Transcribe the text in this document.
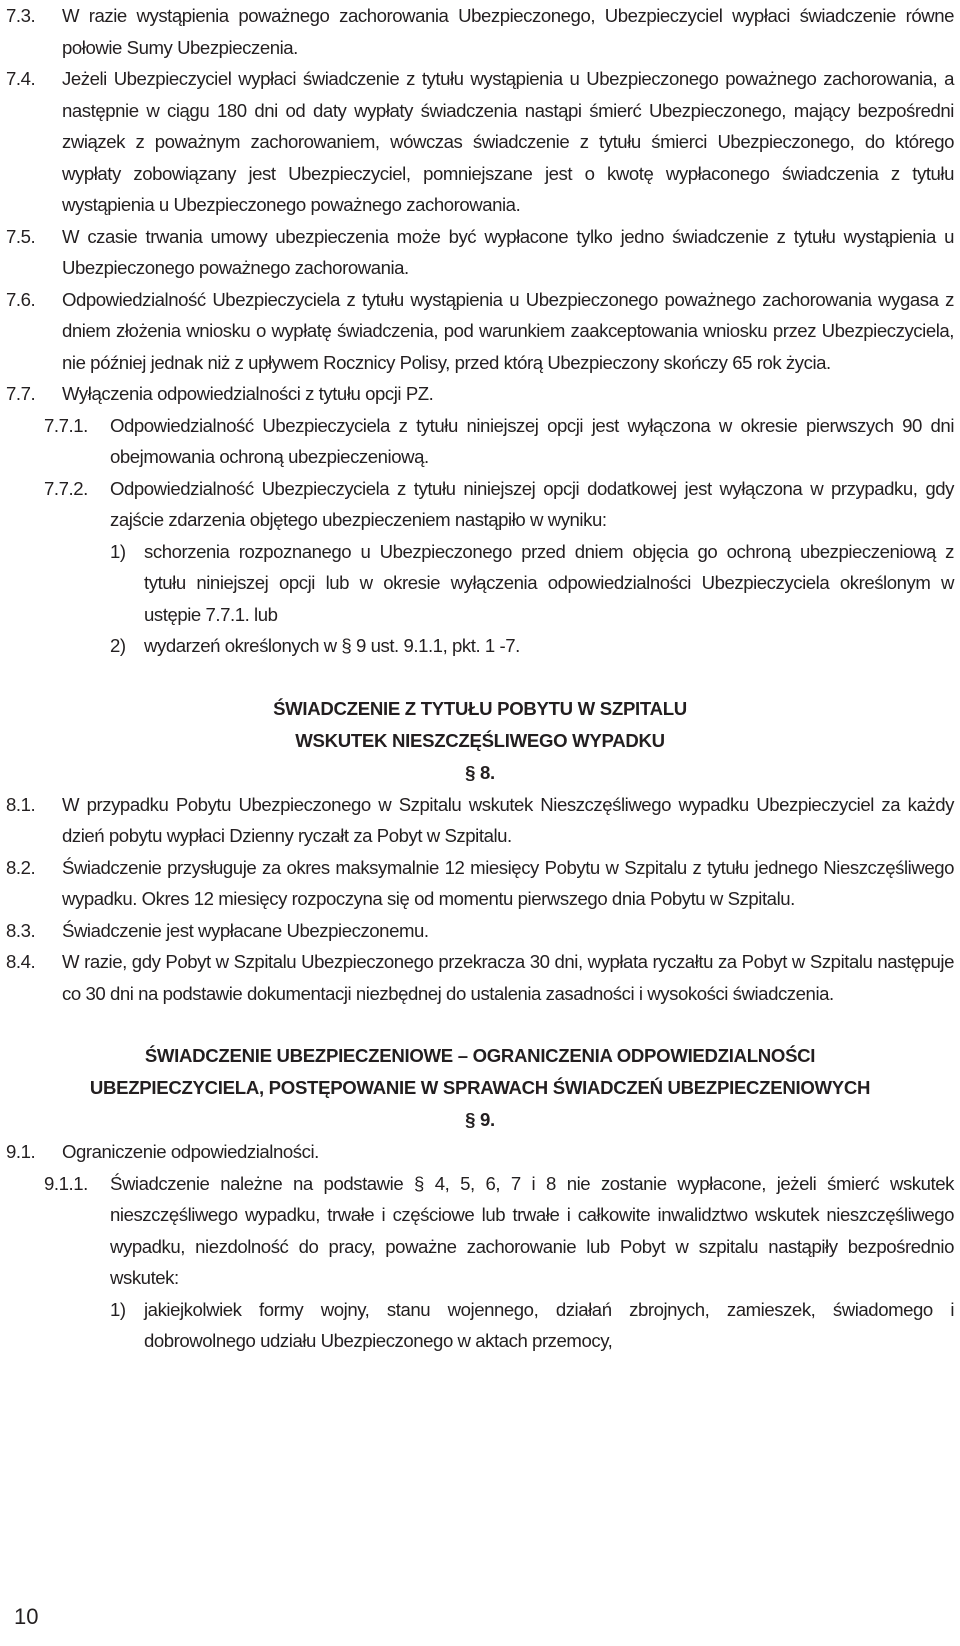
7.3.	W razie wystąpienia poważnego zachorowania Ubezpieczonego, Ubezpieczyciel wypłaci świadczenie równe połowie Sumy Ubezpieczenia.
7.4.	Jeżeli Ubezpieczyciel wypłaci świadczenie z tytułu wystąpienia u Ubezpieczonego poważnego zachorowania, a następnie w ciągu 180 dni od daty wypłaty świadczenia nastąpi śmierć Ubezpieczonego, mający bezpośredni związek z poważnym zachorowaniem, wówczas świadczenie z tytułu śmierci Ubezpieczonego, do którego wypłaty zobowiązany jest Ubezpieczyciel, pomniejszane jest o kwotę wypłaconego świadczenia z tytułu wystąpienia u Ubezpieczonego poważnego zachorowania.
7.5.	W czasie trwania umowy ubezpieczenia może być wypłacone tylko jedno świadczenie z tytułu wystąpienia u Ubezpieczonego poważnego zachorowania.
7.6.	Odpowiedzialność Ubezpieczyciela z tytułu wystąpienia u Ubezpieczonego poważnego zachorowania wygasa z dniem złożenia wniosku o wypłatę świadczenia, pod warunkiem zaakceptowania wniosku przez Ubezpieczyciela, nie później jednak niż z upływem Rocznicy Polisy, przed którą Ubezpieczony skończy 65 rok życia.
7.7.	Wyłączenia odpowiedzialności z tytułu opcji PZ.
7.7.1.	Odpowiedzialność Ubezpieczyciela z tytułu niniejszej opcji jest wyłączona w okresie pierwszych 90 dni obejmowania ochroną ubezpieczeniową.
7.7.2.	Odpowiedzialność Ubezpieczyciela z tytułu niniejszej opcji dodatkowej jest wyłączona w przypadku, gdy zajście zdarzenia objętego ubezpieczeniem nastąpiło w wyniku:
1) schorzenia rozpoznanego u Ubezpieczonego przed dniem objęcia go ochroną ubezpieczeniową z tytułu niniejszej opcji lub w okresie wyłączenia odpowiedzialności Ubezpieczyciela określonym w ustępie 7.7.1. lub
2) wydarzeń określonych w § 9 ust. 9.1.1, pkt. 1 -7.
ŚWIADCZENIE Z TYTUŁU POBYTU W SZPITALU
WSKUTEK NIESZCZĘŚLIWEGO WYPADKU
§ 8.
8.1.	W przypadku Pobytu Ubezpieczonego w Szpitalu wskutek Nieszczęśliwego wypadku Ubezpieczyciel za każdy dzień pobytu wypłaci Dzienny ryczałt za Pobyt w Szpitalu.
8.2.	Świadczenie przysługuje za okres maksymalnie 12 miesięcy Pobytu w Szpitalu z tytułu jednego Nieszczęśliwego wypadku. Okres 12 miesięcy rozpoczyna się od momentu pierwszego dnia Pobytu w Szpitalu.
8.3.	Świadczenie jest wypłacane Ubezpieczonemu.
8.4.	W razie, gdy Pobyt w Szpitalu Ubezpieczonego przekracza 30 dni, wypłata ryczałtu za Pobyt w Szpitalu następuje co 30 dni na podstawie dokumentacji niezbędnej do ustalenia zasadności i wysokości świadczenia.
ŚWIADCZENIE UBEZPIECZENIOWE – OGRANICZENIA ODPOWIEDZIALNOŚCI
UBEZPIECZYCIELA, POSTĘPOWANIE W SPRAWACH ŚWIADCZEŃ UBEZPIECZENIOWYCH
§ 9.
9.1.	Ograniczenie odpowiedzialności.
9.1.1.	Świadczenie należne na podstawie § 4, 5, 6, 7 i 8 nie zostanie wypłacone, jeżeli śmierć wskutek nieszczęśliwego wypadku, trwałe i częściowe lub trwałe i całkowite inwalidztwo wskutek nieszczęśliwego wypadku, niezdolność do pracy, poważne zachorowanie lub Pobyt w szpitalu nastąpiły bezpośrednio wskutek:
1) jakiejkolwiek formy wojny, stanu wojennego, działań zbrojnych, zamieszek, świadomego i dobrowolnego udziału Ubezpieczonego w aktach przemocy,
10
